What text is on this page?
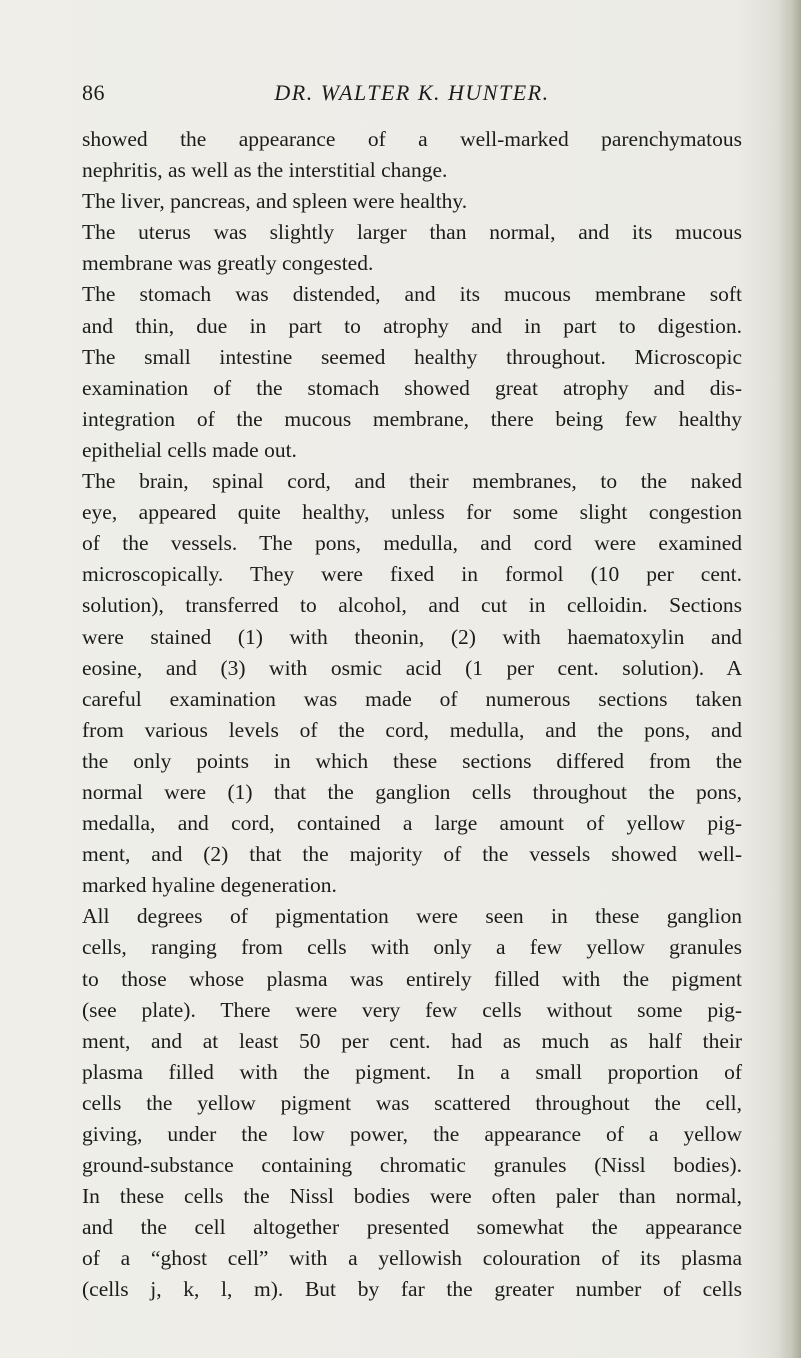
86	DR. WALTER K. HUNTER.
showed the appearance of a well-marked parenchymatous
nephritis, as well as the interstitial change.
The liver, pancreas, and spleen were healthy.
The uterus was slightly larger than normal, and its mucous
membrane was greatly congested.
The stomach was distended, and its mucous membrane soft
and thin, due in part to atrophy and in part to digestion.
The small intestine seemed healthy throughout. Microscopic
examination of the stomach showed great atrophy and dis-
integration of the mucous membrane, there being few healthy
epithelial cells made out.
The brain, spinal cord, and their membranes, to the naked
eye, appeared quite healthy, unless for some slight congestion
of the vessels. The pons, medulla, and cord were examined
microscopically. They were fixed in formol (10 per cent.
solution), transferred to alcohol, and cut in celloidin. Sections
were stained (1) with theonin, (2) with haematoxylin and
eosine, and (3) with osmic acid (1 per cent. solution). A
careful examination was made of numerous sections taken
from various levels of the cord, medulla, and the pons, and
the only points in which these sections differed from the
normal were (1) that the ganglion cells throughout the pons,
medalla, and cord, contained a large amount of yellow pig-
ment, and (2) that the majority of the vessels showed well-
marked hyaline degeneration.
All degrees of pigmentation were seen in these ganglion
cells, ranging from cells with only a few yellow granules
to those whose plasma was entirely filled with the pigment
(see plate). There were very few cells without some pig-
ment, and at least 50 per cent. had as much as half their
plasma filled with the pigment. In a small proportion of
cells the yellow pigment was scattered throughout the cell,
giving, under the low power, the appearance of a yellow
ground-substance containing chromatic granules (Nissl bodies).
In these cells the Nissl bodies were often paler than normal,
and the cell altogether presented somewhat the appearance
of a “ghost cell” with a yellowish colouration of its plasma
(cells j, k, l, m). But by far the greater number of cells
